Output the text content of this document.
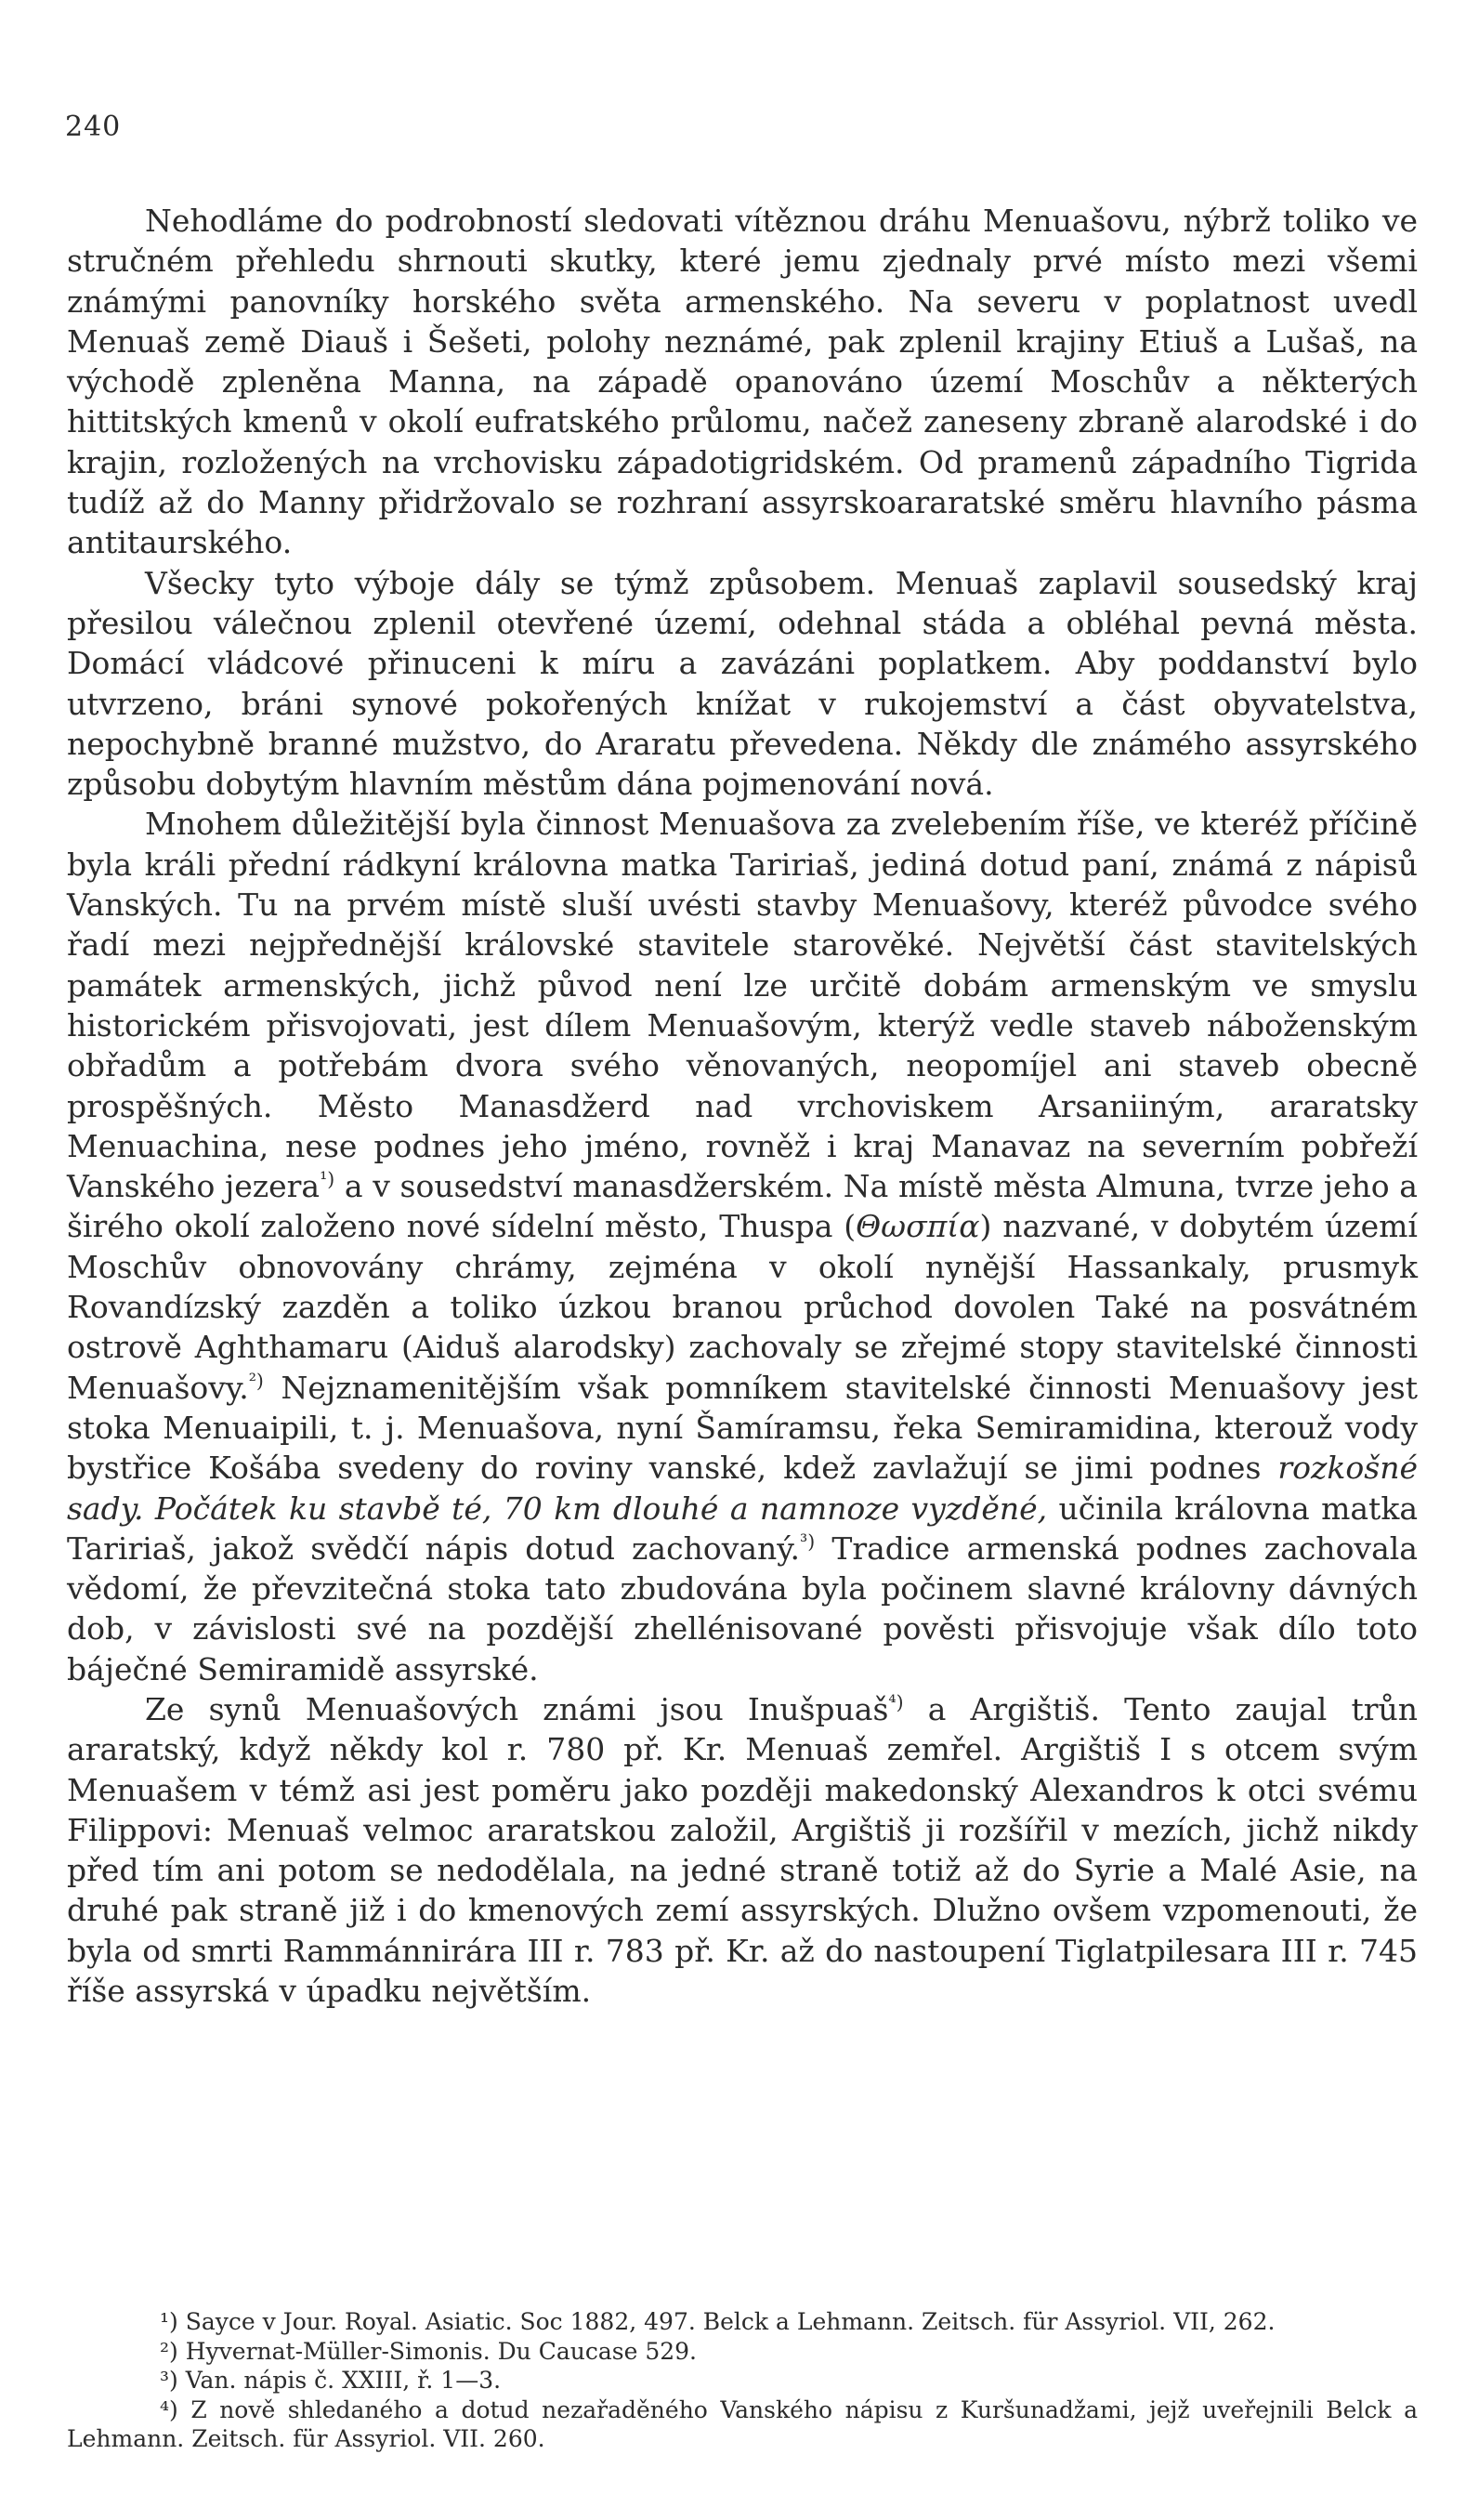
240

Nehodláme do podrobností sledovati vítěznou dráhu Menuašovu, nýbrž toliko ve stručném přehledu shrnouti skutky, které jemu zjednaly prvé místo mezi všemi známými panovníky horského světa armenského. Na severu v poplatnost uvedl Menuaš země Diauš i Šešeti, polohy neznámé, pak zplenil krajiny Etiuš a Lušaš, na východě zpleněna Manna, na západě opanováno území Moschův a některých hittitských kmenů v okolí eufratského průlomu, načež zaneseny zbraně alarodské i do krajin, rozložených na vrchovisku západotigridském. Od pramenů západního Tigrida tudíž až do Manny přidržovalo se rozhraní assyrskoararatské směru hlavního pásma antitaurského.

Všecky tyto výboje dály se týmž způsobem. Menuaš zaplavil sousedský kraj přesilou válečnou zplenil otevřené území, odehnal stáda a obléhal pevná města. Domácí vládcové přinuceni k míru a zavázáni poplatkem. Aby poddanství bylo utvrzeno, bráni synové pokořených knížat v rukojemství a část obyvatelstva, nepochybně branné mužstvo, do Araratu převedena. Někdy dle známého assyrského způsobu dobytým hlavním městům dána pojmenování nová.

Mnohem důležitější byla činnost Menuašova za zvelebením říše, ve kteréž příčině byla králi přední rádkyní královna matka Taririaš, jediná dotud paní, známá z nápisů Vanských. Tu na prvém místě sluší uvésti stavby Menuašovy, kteréž původce svého řadí mezi nejpřednější královské stavitele starověké. Největší část stavitelských památek armenských, jichž původ není lze určitě dobám armenským ve smyslu historickém přisvojovati, jest dílem Menuašovým, kterýž vedle staveb náboženským obřadům a potřebám dvora svého věnovaných, neopomíjel ani staveb obecně prospěšných. Město Manasdžerd nad vrchoviskem Arsaniiným, araratsky Menuachina, nese podnes jeho jméno, rovněž i kraj Manavaz na severním pobřeží Vanského jezera$^{^1)}$ a v sousedství manasdžerském. Na místě města Almuna, tvrze jeho a širého okolí založeno nové sídelní město, Thuspa (Θωσπία) nazvané, v dobytém území Moschův obnovovány chrámy, zejména v okolí nynější Hassankaly, prusmyk Rovandízský zazděn a toliko úzkou branou průchod dovolen Také na posvátném ostrově Aghthamaru (Aiduš alarodsky) zachovaly se zřejmé stopy stavitelské činnosti Menuašovy.$^{^2)}$ Nejznamenitějším však pomníkem stavitelské činnosti Menuašovy jest stoka Menuaipili, t. j. Menuašova, nyní Šamíramsu, řeka Semiramidina, kterouž vody bystřice Košába svedeny do roviny vanské, kdež zavlažují se jimi podnes rozkošné sady. Počátek ku stavbě té, 70 km dlouhé a namnoze vyzděné, učinila královna matka Taririaš, jakož svědčí nápis dotud zachovaný.$^{^3)}$ Tradice armenská podnes zachovala vědomí, že převzitečná stoka tato zbudována byla počinem slavné královny dávných dob, v závislosti své na pozdější zhellénisované pověsti přisvojuje však dílo toto báječné Semiramidě assyrské.

Ze synů Menuašových známi jsou Inušpuaš$^{^4)}$ a Argištiš. Tento zaujal trůn araratský, když někdy kol r. 780 př. Kr. Menuaš zemřel. Argištiš I s otcem svým Menuašem v témž asi jest poměru jako později makedonský Alexandros k otci svému Filippovi: Menuaš velmoc araratskou založil, Argištiš ji rozšířil v mezích, jichž nikdy před tím ani potom se nedodělala, na jedné straně totiž až do Syrie a Malé Asie, na druhé pak straně již i do kmenových zemí assyrských. Dlužno ovšem vzpomenouti, že byla od smrti Rammánnirára III r. 783 př. Kr. až do nastoupení Tiglatpilesara III r. 745 říše assyrská v úpadku největším.

¹) Sayce v Jour. Royal. Asiatic. Soc 1882, 497. Belck a Lehmann. Zeitsch. für Assyriol. VII, 262.

²) Hyvernat-Müller-Simonis. Du Caucase 529.

³) Van. nápis č. XXIII, ř. 1—3.

⁴) Z nově shledaného a dotud nezařaděného Vanského nápisu z Kuršunadžami, jejž uveřejnili Belck a Lehmann. Zeitsch. für Assyriol. VII. 260.
